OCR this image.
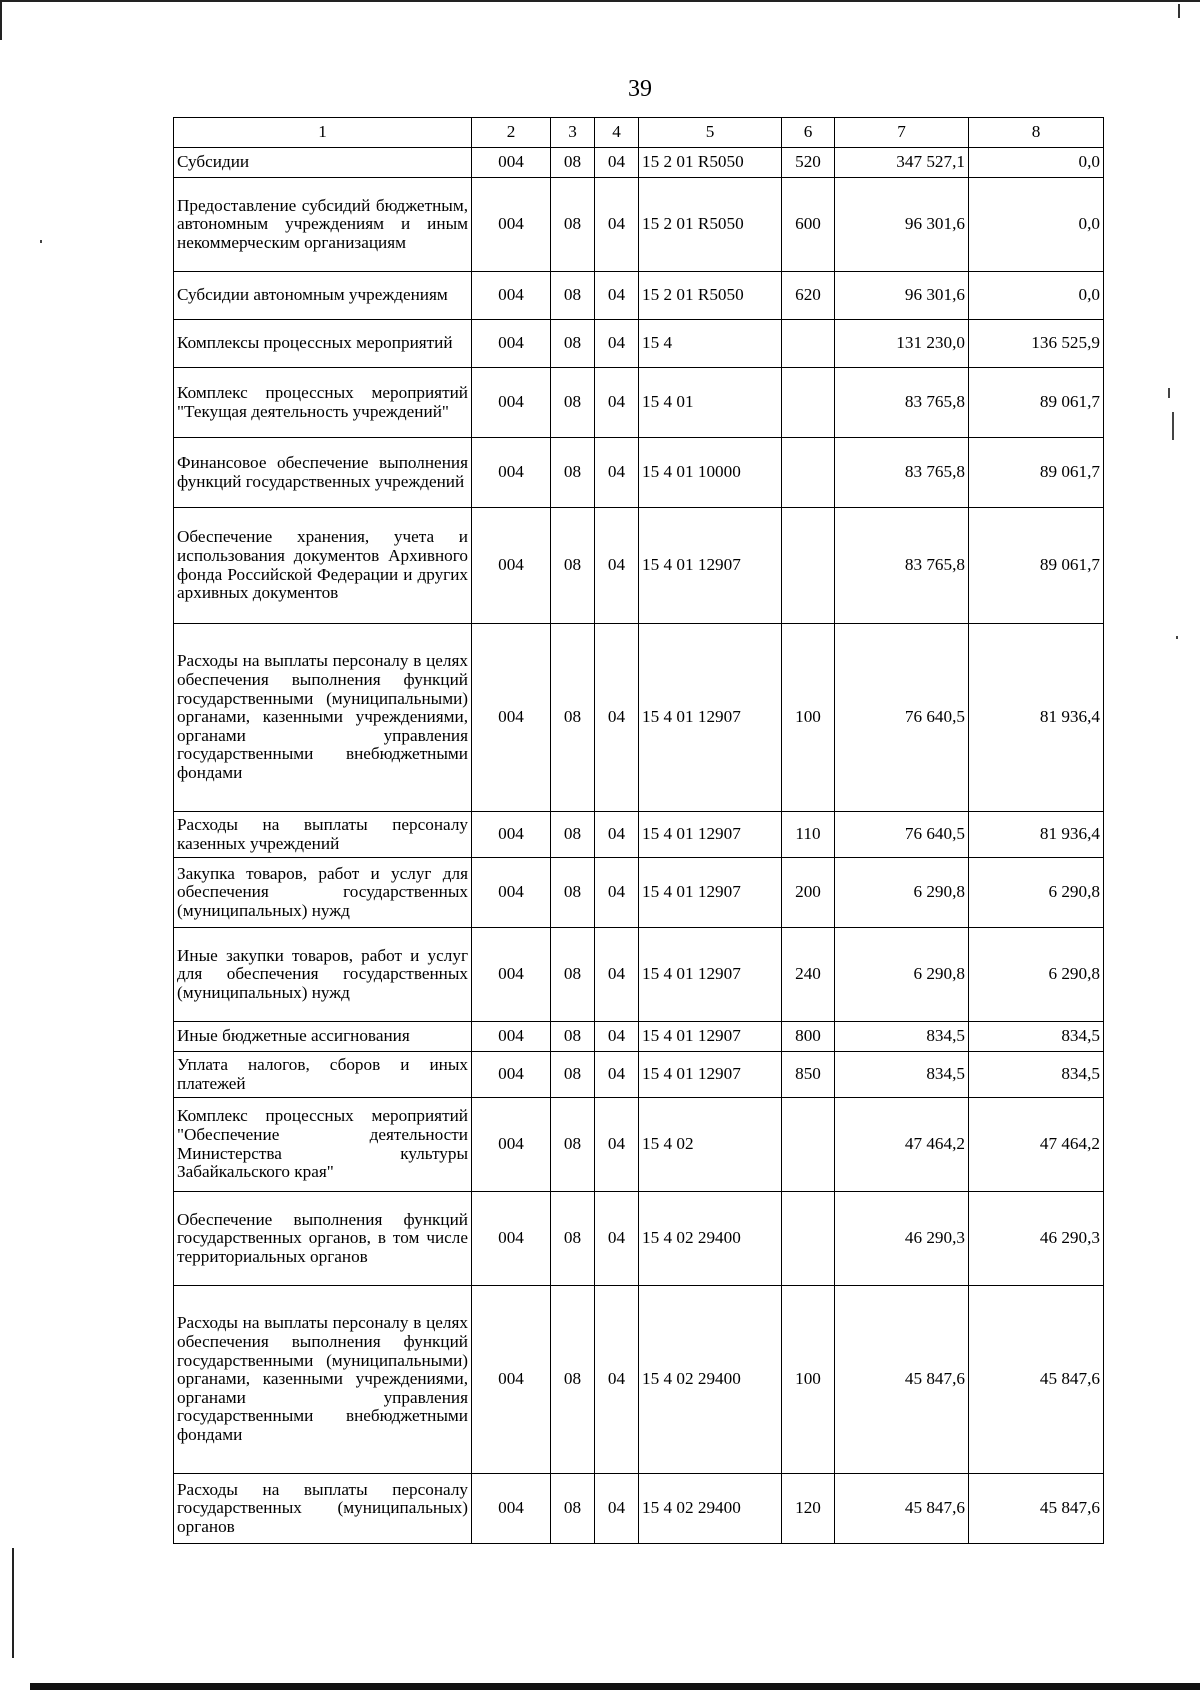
39
1	2	3	4	5	6	7	8
Субсидии	004	08	04	15 2 01 R5050	520	347 527,1	0,0
Предоставление субсидий бюджетным, автономным учреждениям и иным некоммерческим организациям	004	08	04	15 2 01 R5050	600	96 301,6	0,0
Субсидии автономным учреждениям	004	08	04	15 2 01 R5050	620	96 301,6	0,0
Комплексы процессных мероприятий	004	08	04	15 4		131 230,0	136 525,9
Комплекс процессных мероприятий "Текущая деятельность учреждений"	004	08	04	15 4 01		83 765,8	89 061,7
Финансовое обеспечение выполнения функций государственных учреждений	004	08	04	15 4 01 10000		83 765,8	89 061,7
Обеспечение хранения, учета и использования документов Архивного фонда Российской Федерации и других архивных документов	004	08	04	15 4 01 12907		83 765,8	89 061,7
Расходы на выплаты персоналу в целях обеспечения выполнения функций государственными (муниципальными) органами, казенными учреждениями, органами управления государственными внебюджетными фондами	004	08	04	15 4 01 12907	100	76 640,5	81 936,4
Расходы на выплаты персоналу казенных учреждений	004	08	04	15 4 01 12907	110	76 640,5	81 936,4
Закупка товаров, работ и услуг для обеспечения государственных (муниципальных) нужд	004	08	04	15 4 01 12907	200	6 290,8	6 290,8
Иные закупки товаров, работ и услуг для обеспечения государственных (муниципальных) нужд	004	08	04	15 4 01 12907	240	6 290,8	6 290,8
Иные бюджетные ассигнования	004	08	04	15 4 01 12907	800	834,5	834,5
Уплата налогов, сборов и иных платежей	004	08	04	15 4 01 12907	850	834,5	834,5
Комплекс процессных мероприятий "Обеспечение деятельности Министерства культуры Забайкальского края"	004	08	04	15 4 02		47 464,2	47 464,2
Обеспечение выполнения функций государственных органов, в том числе территориальных органов	004	08	04	15 4 02 29400		46 290,3	46 290,3
Расходы на выплаты персоналу в целях обеспечения выполнения функций государственными (муниципальными) органами, казенными учреждениями, органами управления государственными внебюджетными фондами	004	08	04	15 4 02 29400	100	45 847,6	45 847,6
Расходы на выплаты персоналу государственных (муниципальных) органов	004	08	04	15 4 02 29400	120	45 847,6	45 847,6
